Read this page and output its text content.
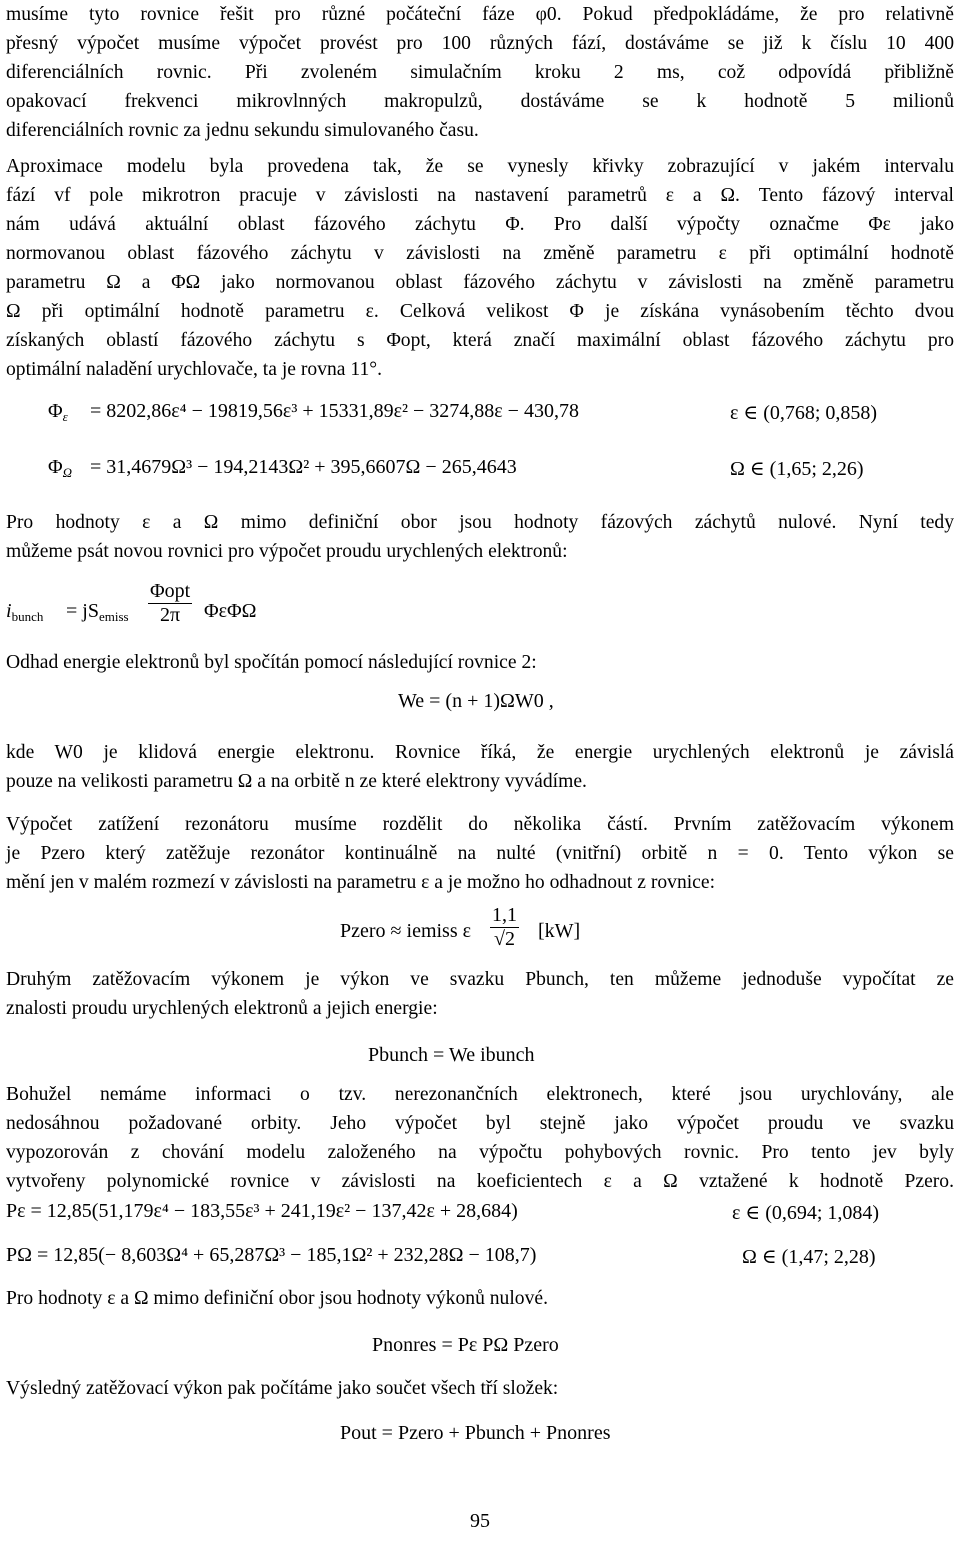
musíme tyto rovnice řešit pro různé počáteční fáze φ0. Pokud předpokládáme, že pro relativně
přesný výpočet musíme výpočet provést pro 100 různých fází, dostáváme se již k číslu 10 400
diferenciálních rovnic. Při zvoleném simulačním kroku 2 ms, což odpovídá přibližně
opakovací frekvenci mikrovlnných makropulzů, dostáváme se k hodnotě 5 milionů
diferenciálních rovnic za jednu sekundu simulovaného času.
Aproximace modelu byla provedena tak, že se vynesly křivky zobrazující v jakém intervalu
fází vf pole mikrotron pracuje v závislosti na nastavení parametrů ε a Ω. Tento fázový interval
nám udává aktuální oblast fázového záchytu Φ. Pro další výpočty označme Φε jako
normovanou oblast fázového záchytu v závislosti na změně parametru ε při optimální hodnotě
parametru Ω a ΦΩ jako normovanou oblast fázového záchytu v závislosti na změně parametru
Ω při optimální hodnotě parametru ε. Celková velikost Φ je získána vynásobením těchto dvou
získaných oblastí fázového záchytu s Φopt, která značí maximální oblast fázového záchytu pro
optimální naladění urychlovače, ta je rovna 11°.
$\Phi_\varepsilon = 8202,86\varepsilon^4 - 19819,56\varepsilon^3 + 15331,89\varepsilon^2 - 3274,88\varepsilon - 430,78$	ε ∈ (0,768; 0,858)
$\Phi_\Omega = 31,4679\Omega^3 - 194,2143\Omega^2 + 395,6607\Omega - 265,4643$	Ω ∈ (1,65; 2,26)
Pro hodnoty ε a Ω mimo definiční obor jsou hodnoty fázových záchytů nulové. Nyní tedy
můžeme psát novou rovnici pro výpočet proudu urychlených elektronů:
$i_{bunch} = jS_{emiss} \frac{\text{Φopt}}{2\pi}$ ΦεΦΩ
Odhad energie elektronů byl spočítán pomocí následující rovnice 2:
We = (n + 1)ΩW0 ,
kde W0 je klidová energie elektronu. Rovnice říká, že energie urychlených elektronů je závislá
pouze na velikosti parametru Ω a na orbitě n ze které elektrony vyvádíme.
Výpočet zatížení rezonátoru musíme rozdělit do několika částí. Prvním zatěžovacím výkonem
je Pzero který zatěžuje rezonátor kontinuálně na nulté (vnitřní) orbitě n = 0. Tento výkon se
mění jen v malém rozmezí v závislosti na parametru ε a je možno ho odhadnout z rovnice:
Pzero ≈ iemiss ε $\frac{1,1}{√2} [kW]$
Druhým zatěžovacím výkonem je výkon ve svazku Pbunch, ten můžeme jednoduše vypočítat ze
znalosti proudu urychlených elektronů a jejich energie:
Pbunch = We ibunch
Bohužel nemáme informaci o tzv. nerezonančních elektronech, které jsou urychlovány, ale
nedosáhnou požadované orbity. Jeho výpočet byl stejně jako výpočet proudu ve svazku
vypozorován z chování modelu založeného na výpočtu pohybových rovnic. Pro tento jev byly
vytvořeny polynomické rovnice v závislosti na koeficientech ε a Ω vztažené k hodnotě Pzero.
Pε = 12,85(51,179ε⁴ − 183,55ε³ + 241,19ε² − 137,42ε + 28,684)	ε ∈ (0,694; 1,084)
PΩ = 12,85(− 8,603Ω⁴ + 65,287Ω³ − 185,1Ω² + 232,28Ω − 108,7)	Ω ∈ (1,47; 2,28)
Pro hodnoty ε a Ω mimo definiční obor jsou hodnoty výkonů nulové.
Pnonres = Pε PΩ Pzero
Výsledný zatěžovací výkon pak počítáme jako součet všech tří složek:
Pout = Pzero + Pbunch + Pnonres
95
